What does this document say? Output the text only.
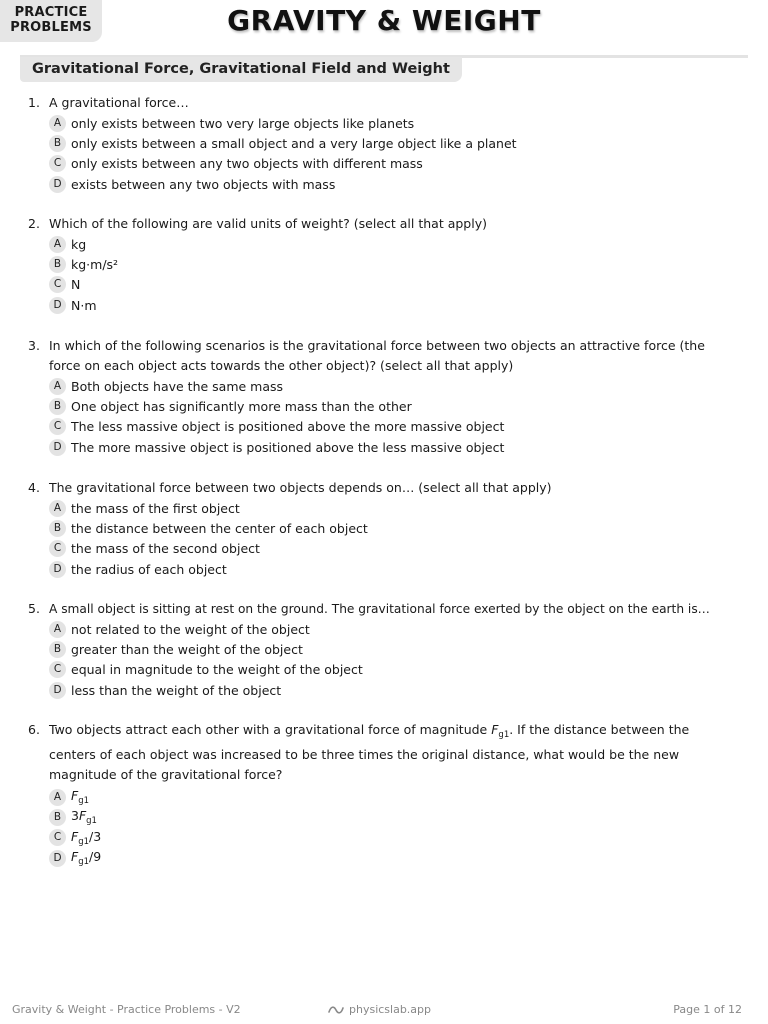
PRACTICE
PROBLEMS	GRAVITY & WEIGHT
Gravitational Force, Gravitational Field and Weight
1. A gravitational force…
A only exists between two very large objects like planets
B only exists between a small object and a very large object like a planet
C only exists between any two objects with different mass
D exists between any two objects with mass
2. Which of the following are valid units of weight? (select all that apply)
A kg
B kg·m/s²
C N
D N·m
3. In which of the following scenarios is the gravitational force between two objects an attractive force (the force on each object acts towards the other object)? (select all that apply)
A Both objects have the same mass
B One object has significantly more mass than the other
C The less massive object is positioned above the more massive object
D The more massive object is positioned above the less massive object
4. The gravitational force between two objects depends on… (select all that apply)
A the mass of the first object
B the distance between the center of each object
C the mass of the second object
D the radius of each object
5. A small object is sitting at rest on the ground. The gravitational force exerted by the object on the earth is…
A not related to the weight of the object
B greater than the weight of the object
C equal in magnitude to the weight of the object
D less than the weight of the object
6. Two objects attract each other with a gravitational force of magnitude $F_{g1}$. If the distance between the centers of each object was increased to be three times the original distance, what would be the new magnitude of the gravitational force?
A $F_{g1}$
B $3F_{g1}$
C $F_{g1}/3$
D $F_{g1}/9$
Gravity & Weight - Practice Problems - V2	physicslab.app	Page 1 of 12
